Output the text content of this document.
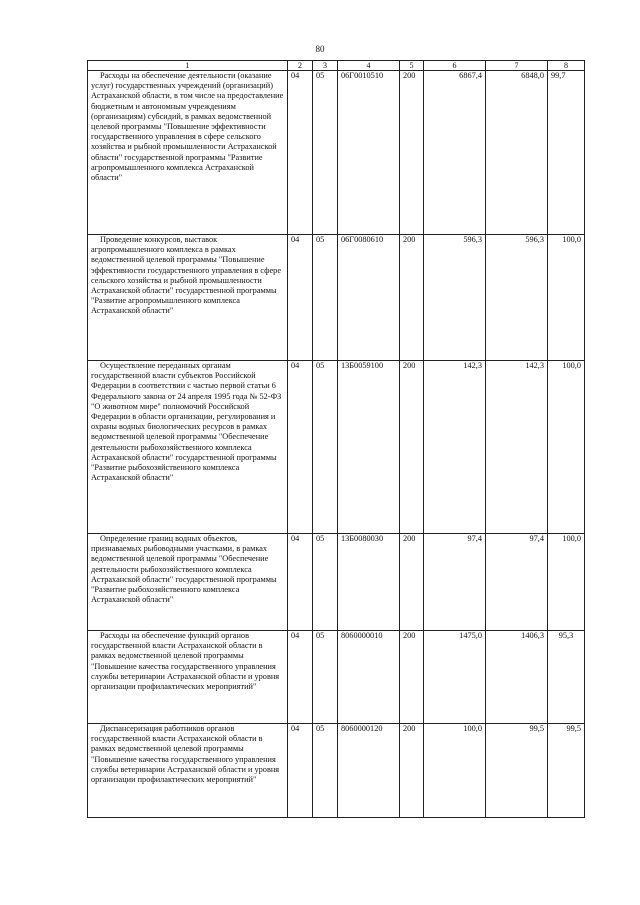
80
1	2	3	4	5	6	7	8

Расходы на обеспечение деятельности (оказание услуг) государственных учреждений (организаций) Астраханской области, в том числе на предоставление бюджетным и автономным учреждениям (организациям) субсидий, в рамках ведомственной целевой программы "Повышение эффективности государственного управления в сфере сельского хозяйства и рыбной промышленности Астраханской области" государственной программы "Развитие агропромышленного комплекса Астраханской области"	04	05	06Г0010510	200	6867,4	6848,0	99,7

Проведение конкурсов, выставок агропромышленного комплекса в рамках ведомственной целевой программы "Повышение эффективности государственного управления в сфере сельского хозяйства и рыбной промышленности Астраханской области" государственной программы "Развитие агропромышленного комплекса Астраханской области"	04	05	06Г0080610	200	596,3	596,3	100,0

Осуществление переданных органам государственной власти субъектов Российской Федерации в соответствии с частью первой статьи 6 Федерального закона от 24 апреля 1995 года № 52-ФЗ "О животном мире" полномочий Российской Федерации в области организации, регулирования и охраны водных биологических ресурсов в рамках ведомственной целевой программы "Обеспечение деятельности рыбохозяйственного комплекса Астраханской области" государственной программы "Развитие рыбохозяйственного комплекса Астраханской области"	04	05	13Б0059100	200	142,3	142,3	100,0

Определение границ водных объектов, признаваемых рыбоводными участками, в рамках ведомственной целевой программы "Обеспечение деятельности рыбохозяйственного комплекса Астраханской области" государственной программы "Развитие рыбохозяйственного комплекса Астраханской области"	04	05	13Б0080030	200	97,4	97,4	100,0

Расходы на обеспечение функций органов государственной власти Астраханской области в рамках ведомственной целевой программы "Повышение качества государственного управления службы ветеринарии Астраханской области и уровня организации профилактических мероприятий"	04	05	8060000010	200	1475,0	1406,3	95,3

Диспансеризация работников органов государственной власти Астраханской области в рамках ведомственной целевой программы "Повышение качества государственного управления службы ветеринарии Астраханской области и уровня организации профилактических мероприятий"	04	05	8060000120	200	100,0	99,5	99,5
